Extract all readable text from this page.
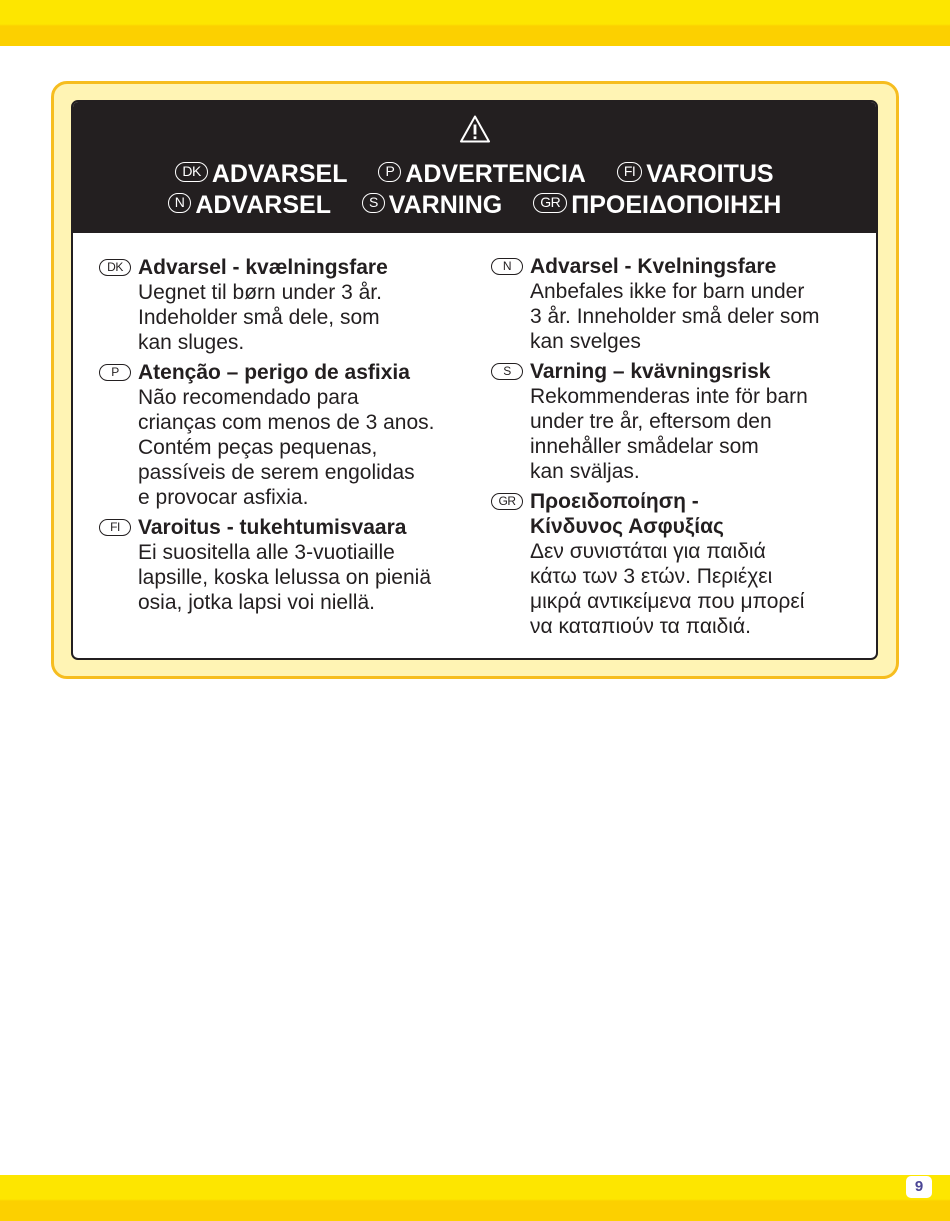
DK ADVARSEL	P ADVERTENCIA	FI VAROITUS
N ADVARSEL	S VARNING	GR ΠΡΟΕΙΔΟΠΟΙΗΣΗ
DK Advarsel - kvælningsfare
Uegnet til børn under 3 år.
Indeholder små dele, som
kan sluges.
P Atenção – perigo de asfixia
Não recomendado para
crianças com menos de 3 anos.
Contém peças pequenas,
passíveis de serem engolidas
e provocar asfixia.
FI Varoitus - tukehtumisvaara
Ei suositella alle 3-vuotiaille
lapsille, koska lelussa on pieniä
osia, jotka lapsi voi niellä.
N Advarsel - Kvelningsfare
Anbefales ikke for barn under
3 år. Inneholder små deler som
kan svelges
S Varning – kvävningsrisk
Rekommenderas inte för barn
under tre år, eftersom den
innehåller smådelar som
kan sväljas.
GR Προειδοποίηση -
Κίνδυνος Ασφυξίας
Δεν συνιστάται για παιδιά
κάτω των 3 ετών. Περιέχει
μικρά αντικείμενα που μπορεί
να καταπιούν τα παιδιά.
9
